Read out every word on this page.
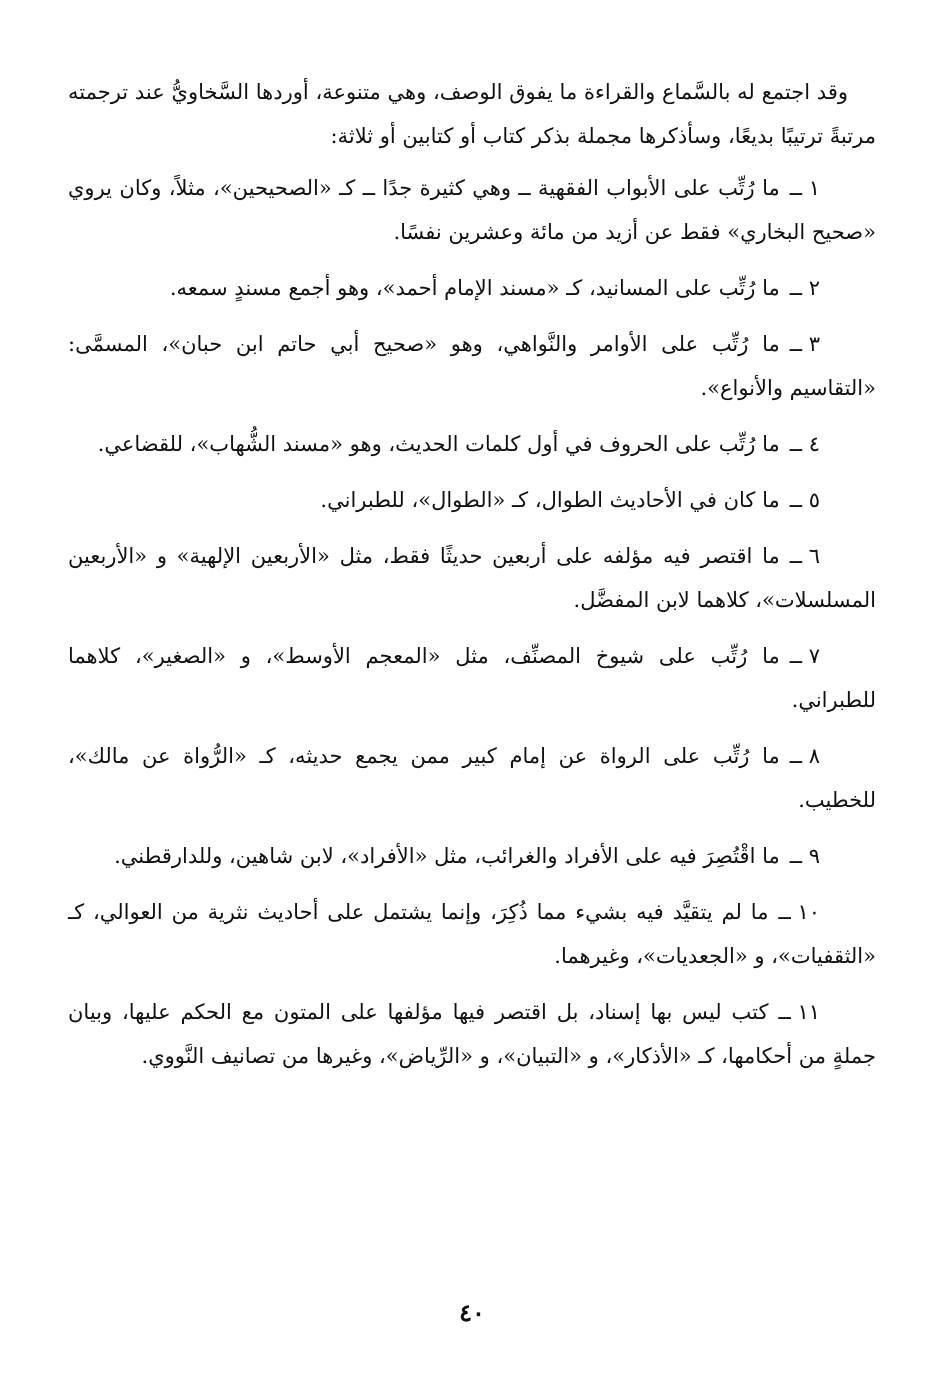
وقد اجتمع له بالسَّماع والقراءة ما يفوق الوصف، وهي متنوعة، أوردها السَّخاويُّ عند ترجمته مرتبةً ترتيبًا بديعًا، وسأذكرها مجملة بذكر كتاب أو كتابين أو ثلاثة:

١ ــما رُتِّب على الأبواب الفقهية ــ وهي كثيرة جدًا ــ كـ «الصحيحين»، مثلاً، وكان يروي «صحيح البخاري» فقط عن أزيد من مائة وعشرين نفسًا.

٢ ــما رُتِّب على المسانيد، كـ «مسند الإمام أحمد»، وهو أجمع مسندٍ سمعه.

٣ ــما رُتِّب على الأوامر والنَّواهي، وهو «صحيح أبي حاتم ابن حبان»، المسمَّى: «التقاسيم والأنواع».

٤ ــما رُتِّب على الحروف في أول كلمات الحديث، وهو «مسند الشُّهاب»، للقضاعي.

٥ ــما كان في الأحاديث الطوال، كـ «الطوال»، للطبراني.

٦ ــما اقتصر فيه مؤلفه على أربعين حديثًا فقط، مثل «الأربعين الإلهية» و «الأربعين المسلسلات»، كلاهما لابن المفضَّل.

٧ ــما رُتِّب على شيوخ المصنِّف، مثل «المعجم الأوسط»، و «الصغير»، كلاهما للطبراني.

٨ ــما رُتِّب على الرواة عن إمام كبير ممن يجمع حديثه، كـ «الرُّواة عن مالك»، للخطيب.

٩ ــما اقْتُصِرَ فيه على الأفراد والغرائب، مثل «الأفراد»، لابن شاهين، وللدارقطني.

١٠ ــما لم يتقيَّد فيه بشيء مما ذُكِرَ، وإنما يشتمل على أحاديث نثرية من العوالي، كـ «الثقفيات»، و «الجعديات»، وغيرهما.

١١ ــكتب ليس بها إسناد، بل اقتصر فيها مؤلفها على المتون مع الحكم عليها، وبيان جملةٍ من أحكامها، كـ «الأذكار»، و «التبيان»، و «الرِّياض»، وغيرها من تصانيف النَّووي.

٤٠
